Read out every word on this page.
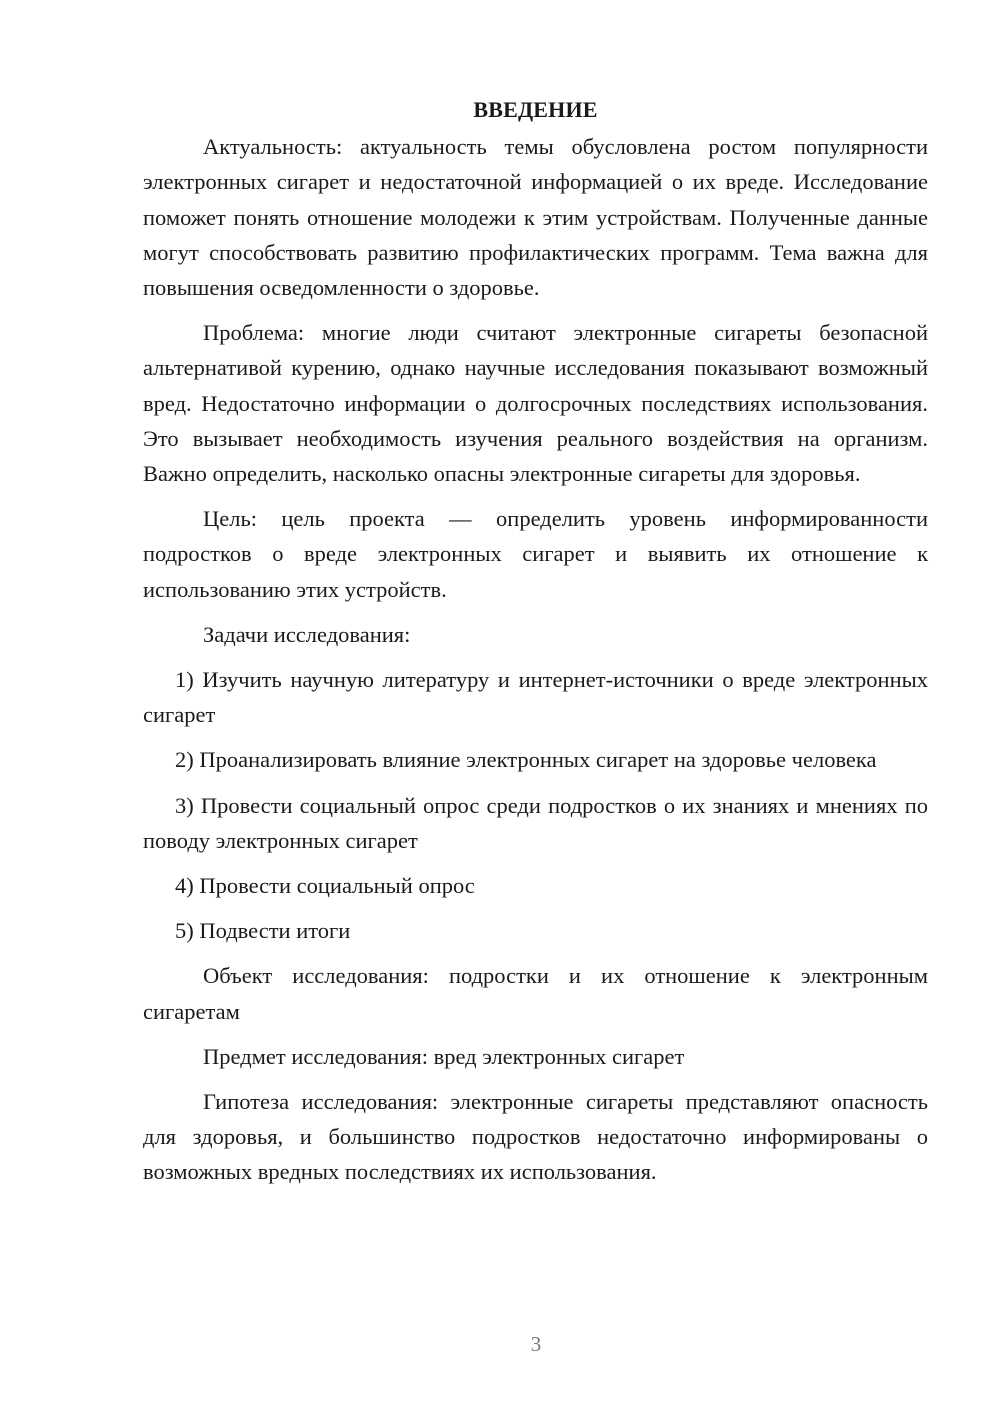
ВВЕДЕНИЕ

Актуальность: актуальность темы обусловлена ростом популярности электронных сигарет и недостаточной информацией о их вреде. Исследование поможет понять отношение молодежи к этим устройствам. Полученные данные могут способствовать развитию профилактических программ. Тема важна для повышения осведомленности о здоровье.

Проблема: многие люди считают электронные сигареты безопасной альтернативой курению, однако научные исследования показывают возможный вред. Недостаточно информации о долгосрочных последствиях использования. Это вызывает необходимость изучения реального воздействия на организм. Важно определить, насколько опасны электронные сигареты для здоровья.

Цель: цель проекта — определить уровень информированности подростков о вреде электронных сигарет и выявить их отношение к использованию этих устройств.

Задачи исследования:

1) Изучить научную литературу и интернет-источники о вреде электронных сигарет

2) Проанализировать влияние электронных сигарет на здоровье человека

3) Провести социальный опрос среди подростков о их знаниях и мнениях по поводу электронных сигарет

4) Провести социальный опрос

5) Подвести итоги

Объект исследования: подростки и их отношение к электронным сигаретам

Предмет исследования: вред электронных сигарет

Гипотеза исследования: электронные сигареты представляют опасность для здоровья, и большинство подростков недостаточно информированы о возможных вредных последствиях их использования.

3
